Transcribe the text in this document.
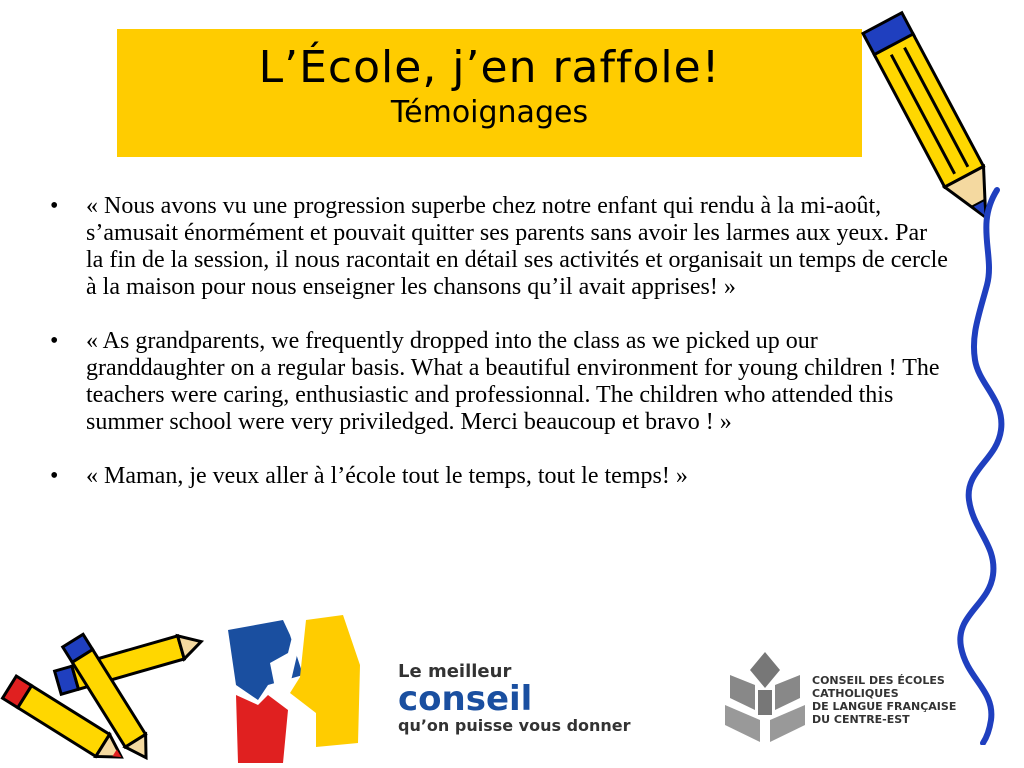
L’École, j’en raffole!
Témoignages
• « Nous avons vu une progression superbe chez notre enfant qui rendu à la mi-août, s’amusait énormément et pouvait quitter ses parents sans avoir les larmes aux yeux. Par la fin de la session, il nous racontait en détail ses activités et organisait un temps de cercle à la maison pour nous enseigner les chansons qu’il avait apprises! »
• « As grandparents, we frequently dropped into the class as we picked up our granddaughter on a regular basis. What a beautiful environment for young children ! The teachers were caring, enthusiastic and professionnal. The children who attended this summer school were very priviledged. Merci beaucoup et bravo ! »
• « Maman, je veux aller à l’école tout le temps, tout le temps! »
Le meilleur
conseil
qu’on puisse vous donner
CONSEIL DES ÉCOLES
CATHOLIQUES
DE LANGUE FRANÇAISE
DU CENTRE-EST
